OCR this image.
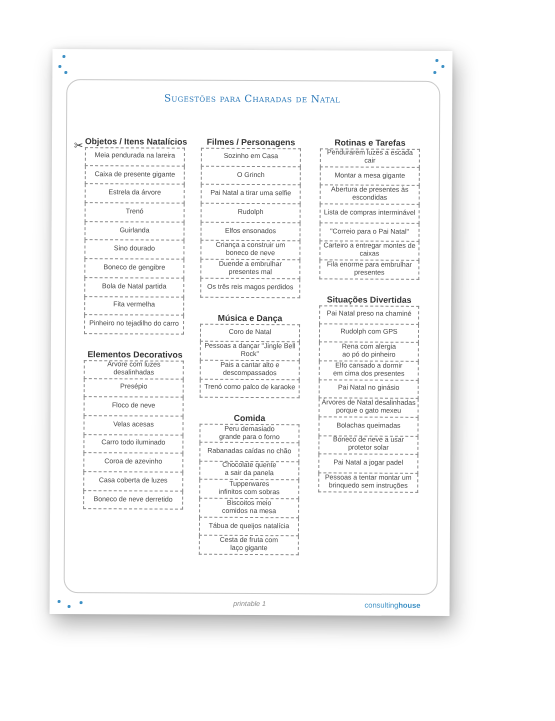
Sugestões para Charadas de Natal
✂ Objetos / Itens Natalícios
Meia pendurada na lareira
Caixa de presente gigante
Estrela da árvore
Trenó
Guirlanda
Sino dourado
Boneco de gengibre
Bola de Natal partida
Fita vermelha
Pinheiro no tejadilho do carro
Elementos Decorativos
Árvore com luzes desalinhadas
Presépio
Floco de neve
Velas acesas
Carro todo iluminado
Coroa de azevinho
Casa coberta de luzes
Boneco de neve derretido
Filmes / Personagens
Sozinho em Casa
O Grinch
Pai Natal a tirar uma selfie
Rudolph
Elfos ensonados
Criança a construir um
boneco de neve
Duende a embrulhar
presentes mal
Os três reis magos perdidos
Música e Dança
Coro de Natal
Pessoas a dançar "Jingle Bell
Rock"
Pais a cantar alto e
descompassados
Trenó como palco de karaoke
Comida
Peru demasiado
grande para o forno
Rabanadas caídas no chão
Chocolate quente
a sair da panela
Tupperwares
infinitos com sobras
Biscoitos meio
comidos na mesa
Tábua de queijos natalícia
Cesta de fruta com
laço gigante
Rotinas e Tarefas
Pendurarem luzes a escada cair
Montar a mesa gigante
Abertura de presentes às
escondidas
Lista de compras interminável
"Correio para o Pai Natal"
Carteiro a entregar montes de
caixas
Fila enorme para embrulhar
presentes
Situações Divertidas
Pai Natal preso na chaminé
Rudolph com GPS
Rena com alergia
ao pó do pinheiro
Elfo cansado a dormir
em cima dos presentes
Pai Natal no ginásio
Árvores de Natal desalinhadas
porque o gato mexeu
Bolachas queimadas
Boneco de neve a usar
protetor solar
Pai Natal a jogar padel
Pessoas a tentar montar um
brinquedo sem instruções
printable 1	consultinghouse
